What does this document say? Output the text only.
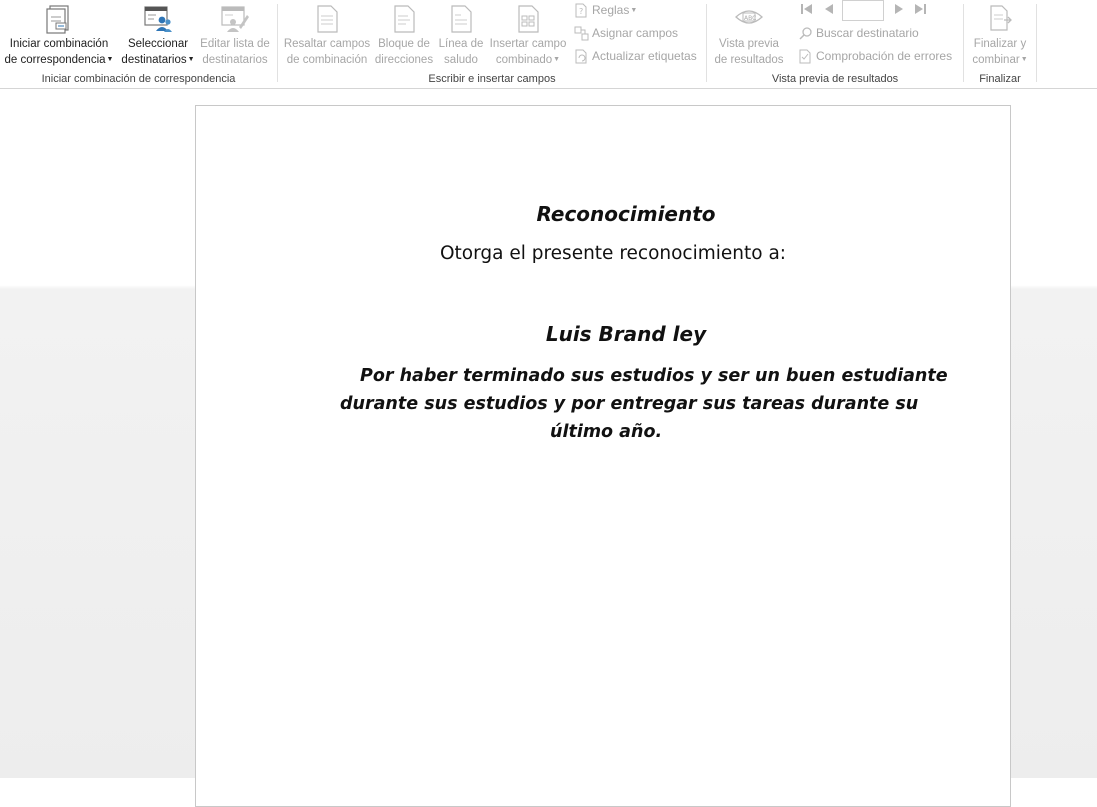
Iniciar combinación
de correspondencia▼
Seleccionar
destinatarios▼
Editar lista de
destinatarios
Iniciar combinación de correspondencia
Resaltar campos
de combinación
Bloque de
direcciones
Línea de
saludo
Insertar campo
combinado▼
? Reglas▼
Asignar campos
Actualizar etiquetas
Escribir e insertar campos
ABC
Vista previa
de resultados
Buscar destinatario
Comprobación de errores
Vista previa de resultados
Finalizar y
combinar▼
Finalizar
Reconocimiento
Otorga el presente reconocimiento a:
Luis Brand ley
Por haber terminado sus estudios y ser un buen estudiante
durante sus estudios y por entregar sus tareas durante su
último año.
